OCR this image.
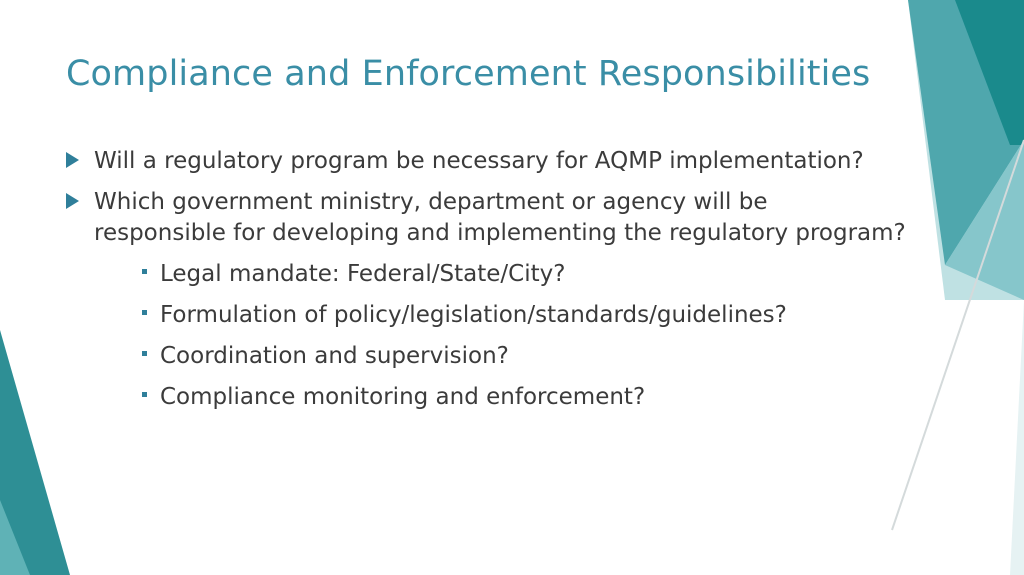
Compliance and Enforcement Responsibilities
Will a regulatory program be necessary for AQMP implementation?
Which government ministry, department or agency will be responsible for developing and implementing the regulatory program?
Legal mandate: Federal/State/City?
Formulation of policy/legislation/standards/guidelines?
Coordination and supervision?
Compliance monitoring and enforcement?
